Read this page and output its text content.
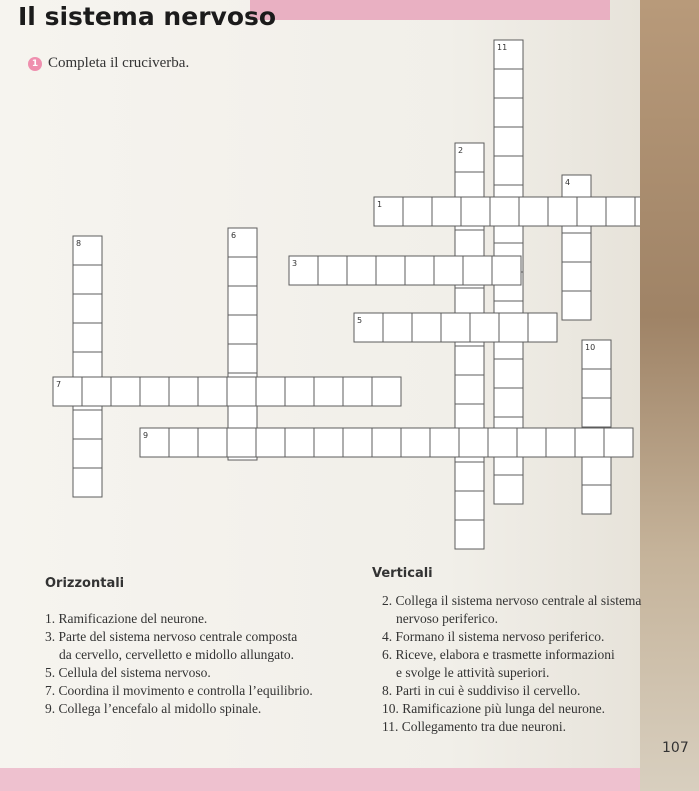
Il sistema nervoso
1 Completa il cruciverba.
11
2
4
1
6
8
3
5
10
7
9
Orizzontali
1. Ramificazione del neurone.
3. Parte del sistema nervoso centrale composta
da cervello, cervelletto e midollo allungato.
5. Cellula del sistema nervoso.
7. Coordina il movimento e controlla l’equilibrio.
9. Collega l’encefalo al midollo spinale.
Verticali
2. Collega il sistema nervoso centrale al sistema
nervoso periferico.
4. Formano il sistema nervoso periferico.
6. Riceve, elabora e trasmette informazioni
e svolge le attività superiori.
8. Parti in cui è suddiviso il cervello.
10. Ramificazione più lunga del neurone.
11. Collegamento tra due neuroni.
107
